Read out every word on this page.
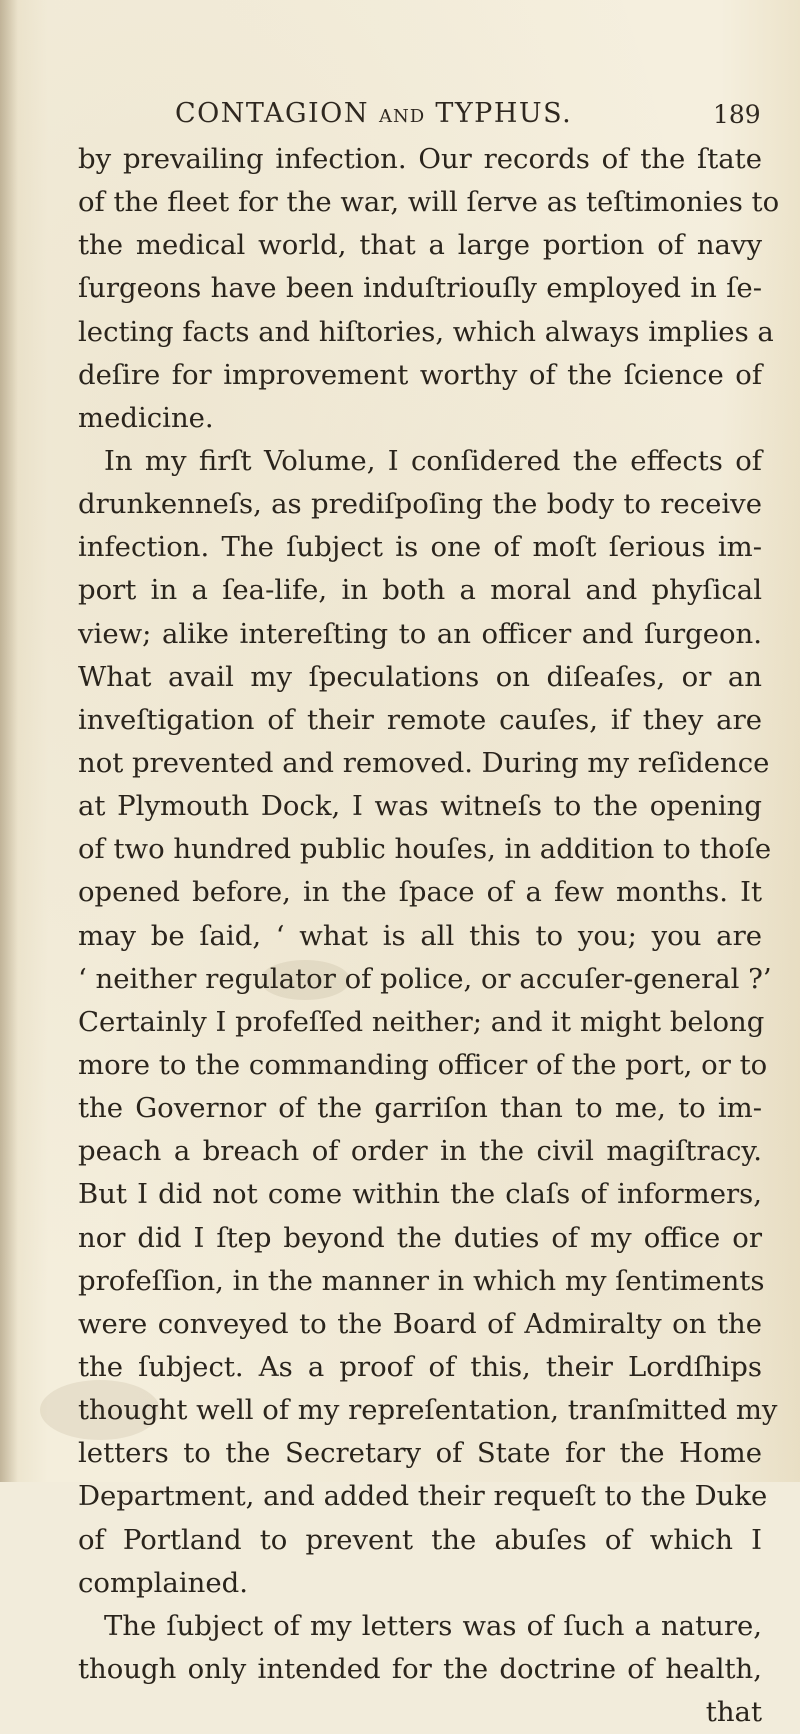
CONTAGION AND TYPHUS.	189
by prevailing infection. Our records of the ſtate
of the fleet for the war, will ſerve as teſtimonies to
the medical world, that a large portion of navy
ſurgeons have been induſtriouſly employed in ſe-
lecting facts and hiſtories, which always implies a
deſire for improvement worthy of the ſcience of
medicine.
In my firſt Volume, I conſidered the effects of
drunkenneſs, as prediſpoſing the body to receive
infection. The ſubject is one of moſt ſerious im-
port in a ſea-life, in both a moral and phyſical
view; alike intereſting to an officer and ſurgeon.
What avail my ſpeculations on diſeaſes, or an
inveſtigation of their remote cauſes, if they are
not prevented and removed. During my reſidence
at Plymouth Dock, I was witneſs to the opening
of two hundred public houſes, in addition to thoſe
opened before, in the ſpace of a few months. It
may be ſaid, ‘ what is all this to you; you are
‘ neither regulator of police, or accuſer-general ?’
Certainly I profeſſed neither; and it might belong
more to the commanding officer of the port, or to
the Governor of the garriſon than to me, to im-
peach a breach of order in the civil magiſtracy.
But I did not come within the claſs of informers,
nor did I ſtep beyond the duties of my office or
profeſſion, in the manner in which my ſentiments
were conveyed to the Board of Admiralty on the
the ſubject. As a proof of this, their Lordſhips
thought well of my repreſentation, tranſmitted my
letters to the Secretary of State for the Home
Department, and added their requeſt to the Duke
of Portland to prevent the abuſes of which I
complained.
The ſubject of my letters was of ſuch a nature,
though only intended for the doctrine of health,
that
